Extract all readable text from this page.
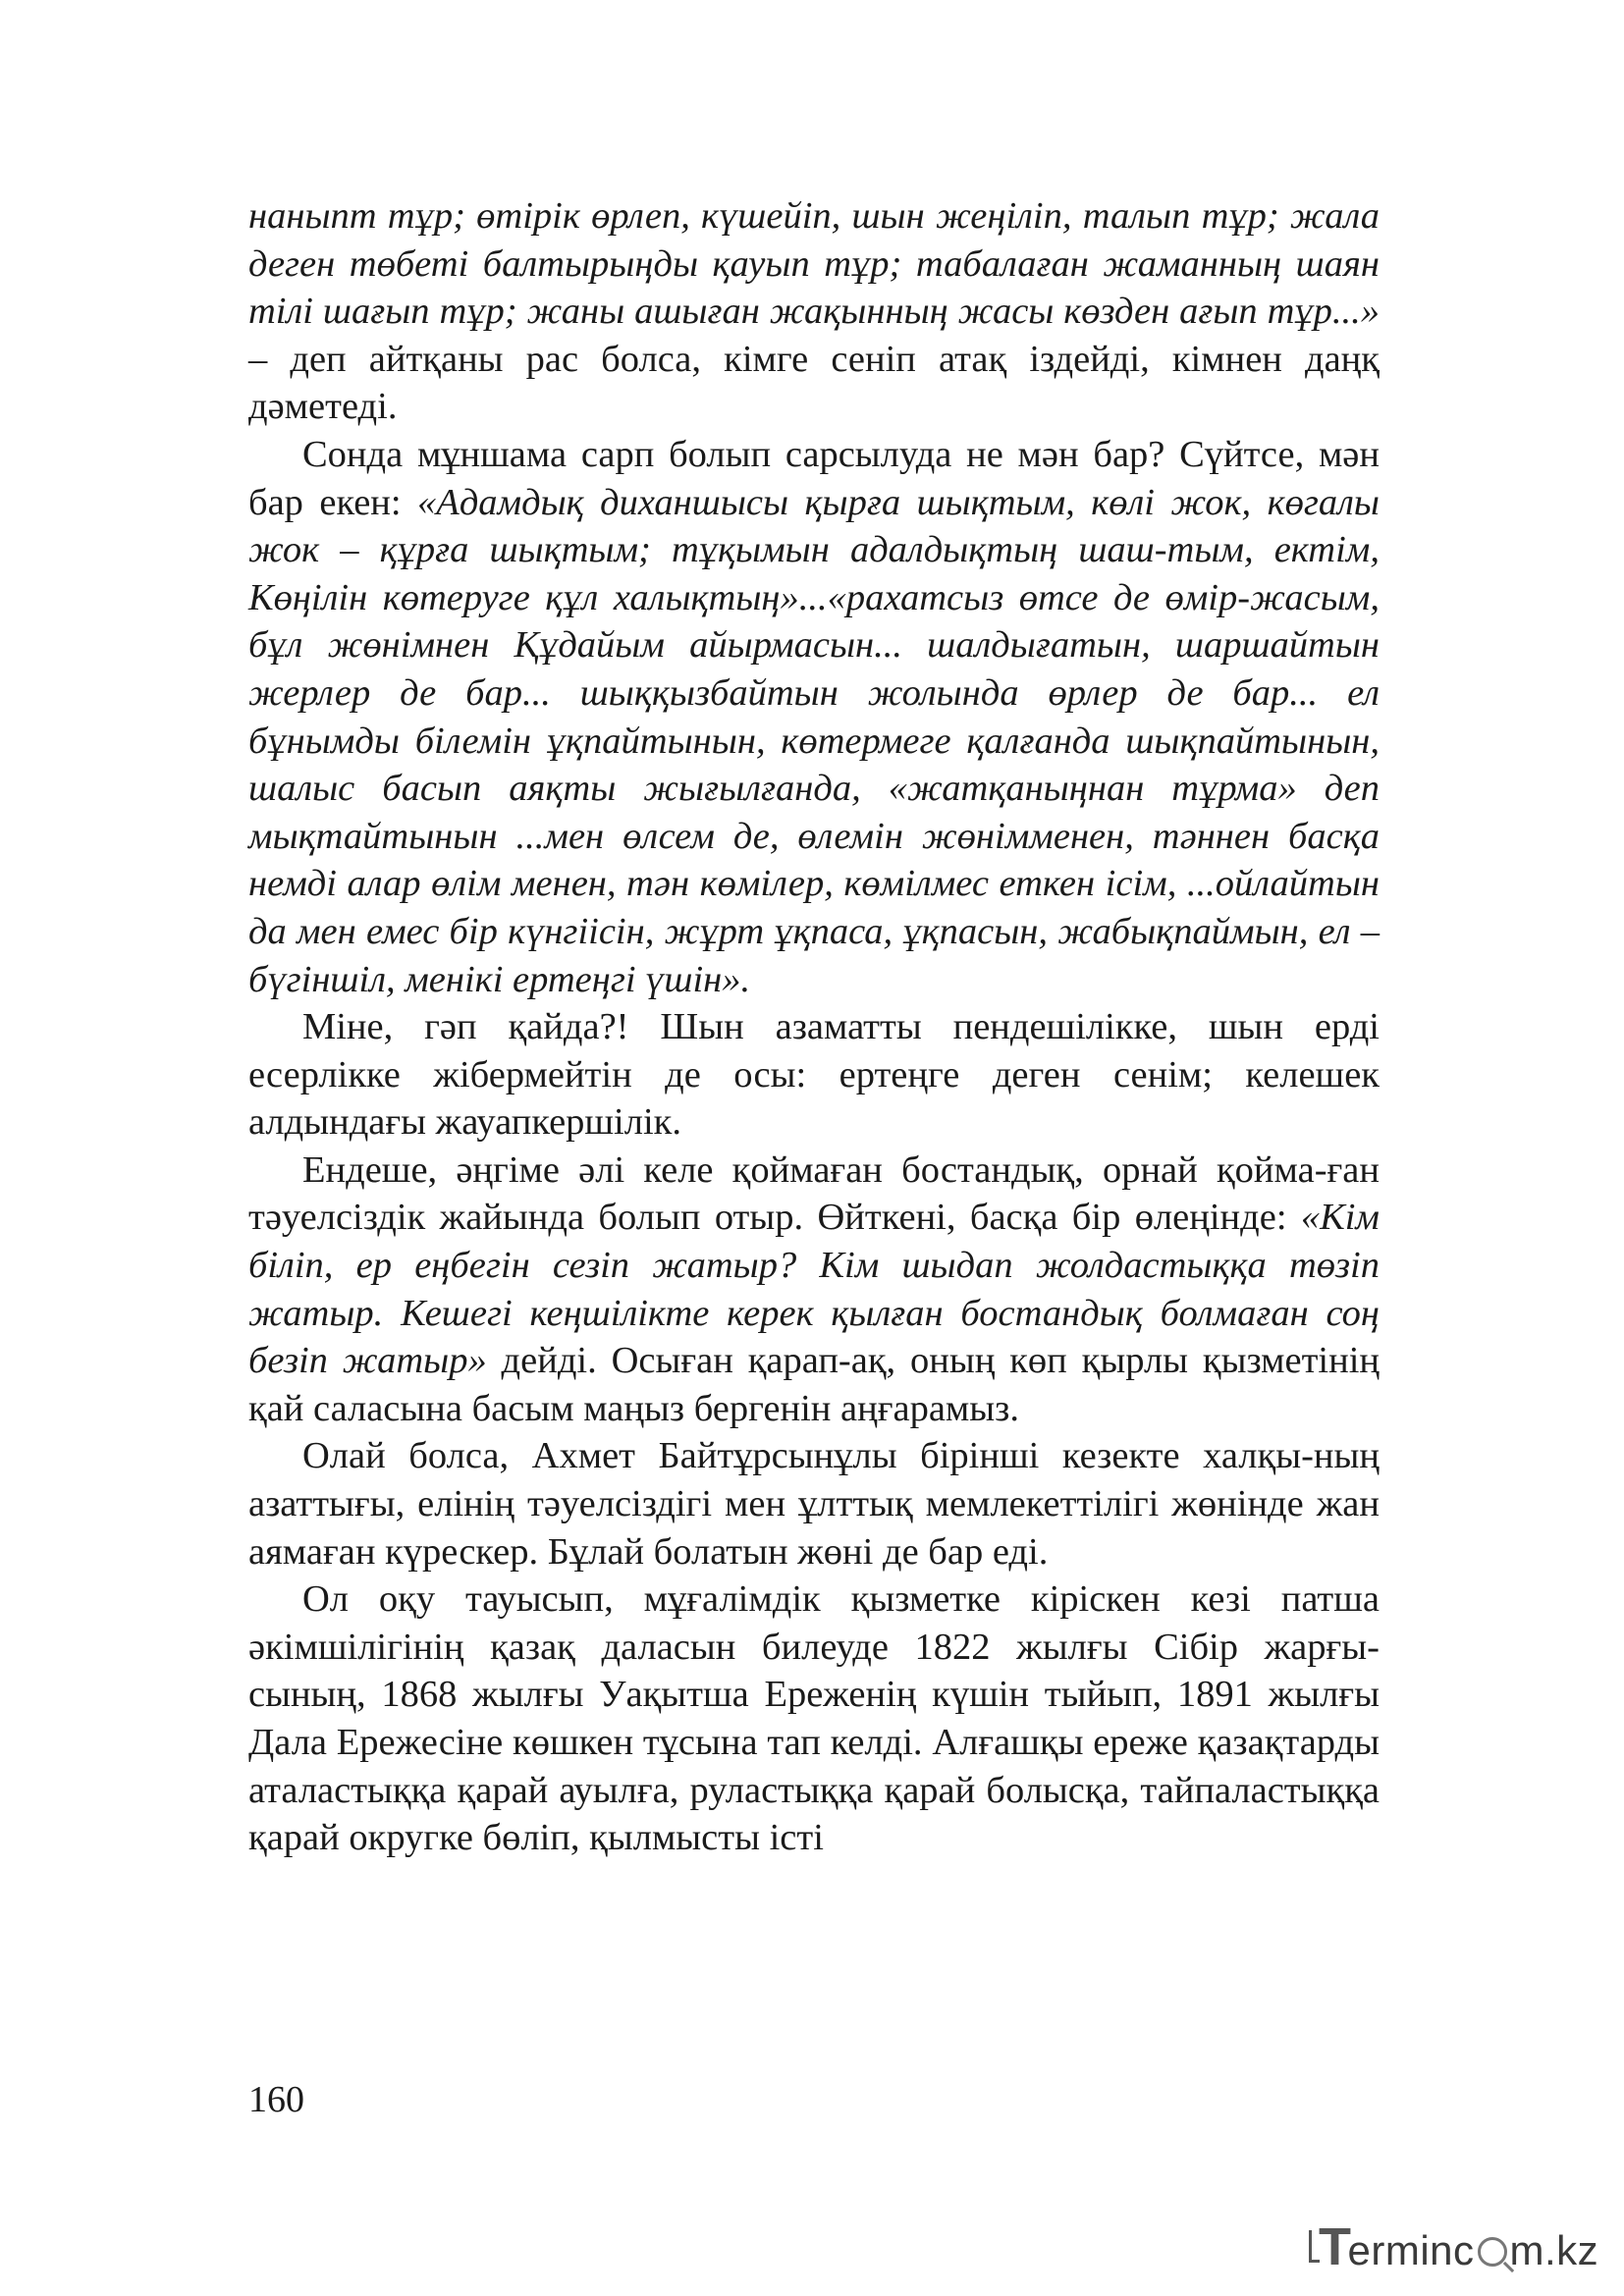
наныпт тұр; өтірік өрлеп, күшейіп, шын жеңіліп, талып тұр; жала деген төбеті балтырыңды қауып тұр; табалаған жаманның шаян тілі шағып тұр; жаны ашыған жақынның жасы көзден ағып тұр...» – деп айтқаны рас болса, кімге сеніп атақ іздейді, кімнен даңқ дәметеді.

Сонда мұншама сарп болып сарсылуда не мән бар? Сүйтсе, мән бар екен: «Адамдық диханшысы қырға шықтым, көлі жок, көгалы жок – құрға шықтым; тұқымын адалдықтың шаш-тым, ектім, Көңілін көтеруге құл халықтың»...«рахатсыз өтсе де өмір-жасым, бұл жөнімнен Құдайым айырмасын... шалдығатын, шаршайтын жерлер де бар... шыққызбайтын жолында өрлер де бар... ел бұнымды білемін ұқпайтынын, көтермеге қалғанда шықпайтынын, шалыс басып аяқты жығылғанда, «жатқаныңнан тұрма» деп мықтайтынын ...мен өлсем де, өлемін жөнімменен, тәннен басқа немді алар өлім менен, тән көмілер, көмілмес еткен ісім, ...ойлайтын да мен емес бір күнгіісін, жұрт ұқпаса, ұқпасын, жабықпаймын, ел – бүгіншіл, менікі ертеңгі үшін».

Міне, гәп қайда?! Шын азаматты пендешілікке, шын ерді есерлікке жібермейтін де осы: ертеңге деген сенім; келешек алдындағы жауапкершілік.

Ендеше, әңгіме әлі келе қоймаған бостандық, орнай қойма-ған тәуелсіздік жайында болып отыр. Өйткені, басқа бір өлеңінде: «Кім біліп, ер еңбегін сезіп жатыр? Кім шыдап жолдастыққа төзіп жатыр. Кешегі кеңшілікте керек қылған бостандық болмаған соң безіп жатыр» дейді. Осыған қарап-ақ, оның көп қырлы қызметінің қай саласына басым маңыз бергенін аңғарамыз.

Олай болса, Ахмет Байтұрсынұлы бірінші кезекте халқы-ның азаттығы, елінің тәуелсіздігі мен ұлттық мемлекеттілігі жөнінде жан аямаған күрескер. Бұлай болатын жөні де бар еді.

Ол оқу тауысып, мұғалімдік қызметке кіріскен кезі патша әкімшілігінің қазақ даласын билеуде 1822 жылғы Сібір жарғы-сының, 1868 жылғы Уақытша Ереженің күшін тыйып, 1891 жылғы Дала Ережесіне көшкен тұсына тап келді. Алғашқы ереже қазақтарды аталастыққа қарай ауылға, руластыққа қарай болысқа, тайпаластыққа қарай округке бөліп, қылмысты істі

160
Terminc m.kz
